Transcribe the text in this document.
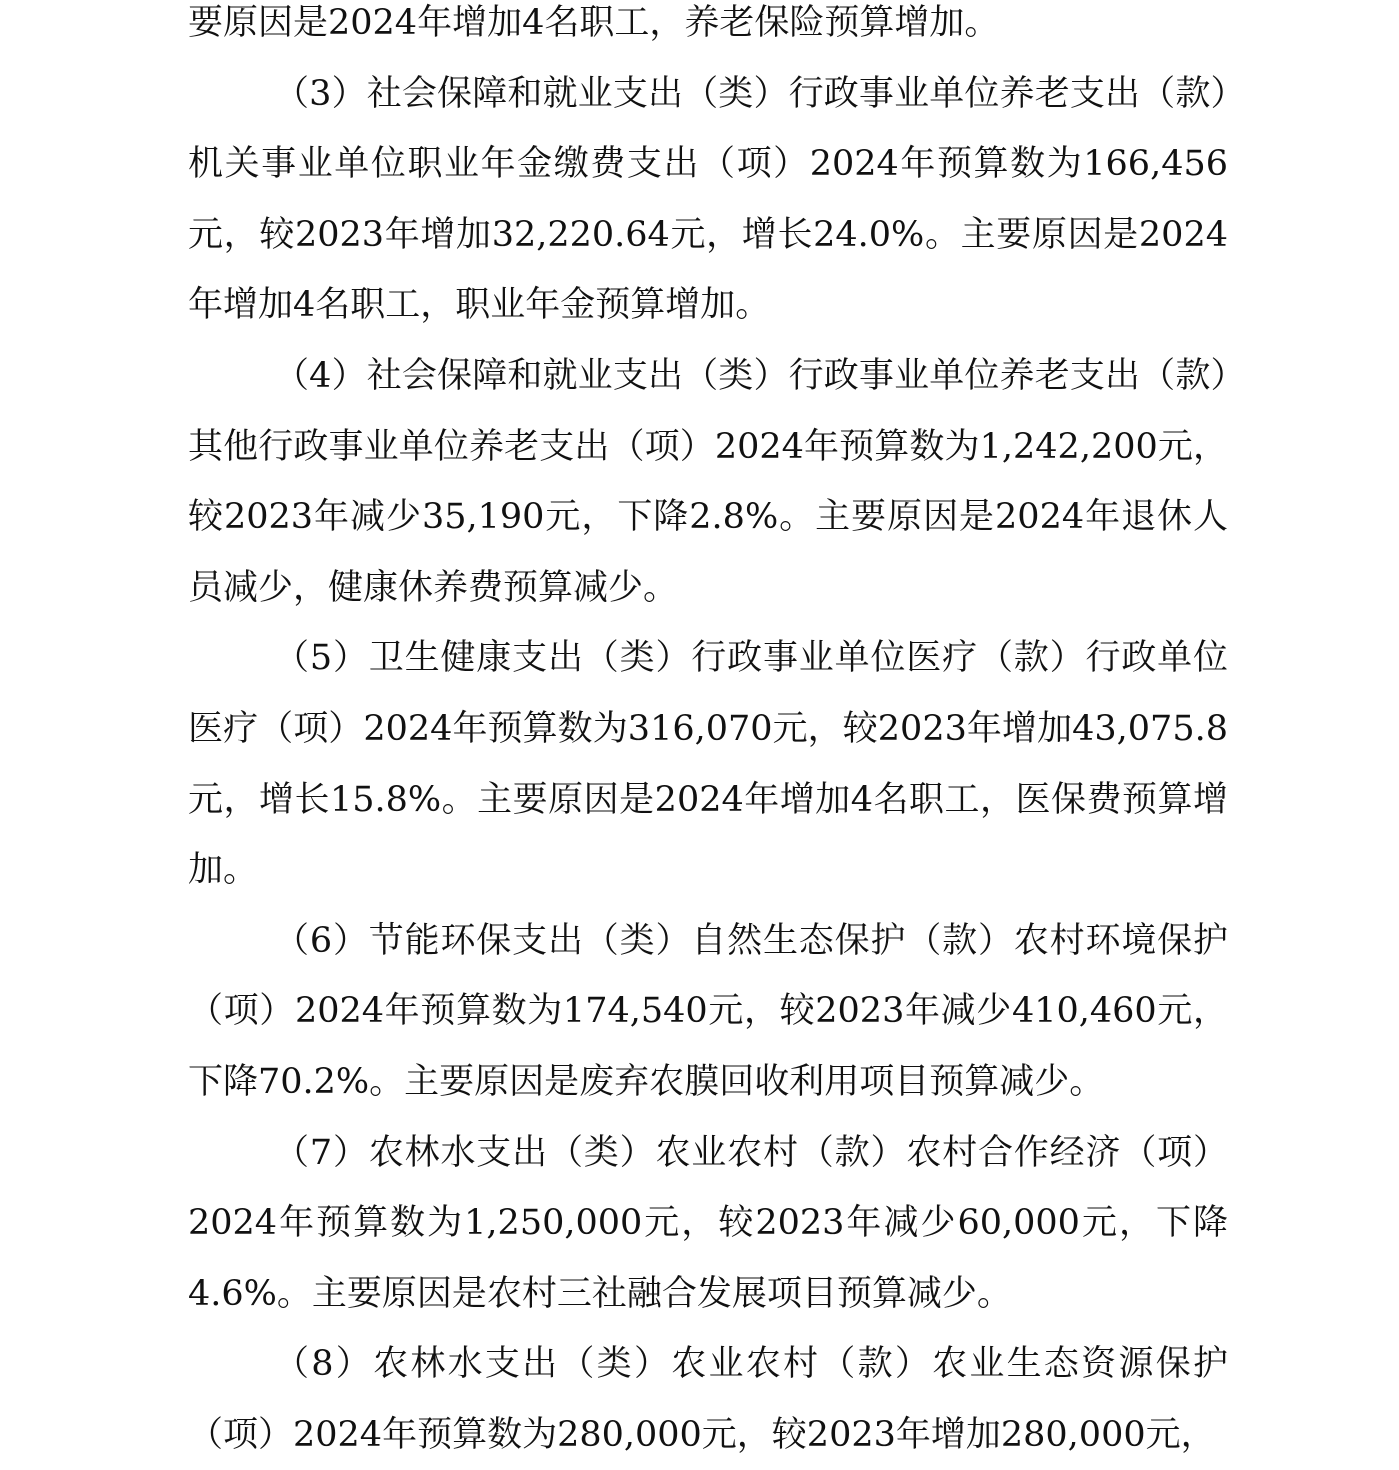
要原因是2024年增加4名职工，养老保险预算增加。

（3）社会保障和就业支出（类）行政事业单位养老支出（款）机关事业单位职业年金缴费支出（项）2024年预算数为166,456元，较2023年增加32,220.64元，增长24.0%。主要原因是2024年增加4名职工，职业年金预算增加。

（4）社会保障和就业支出（类）行政事业单位养老支出（款）其他行政事业单位养老支出（项）2024年预算数为1,242,200元，较2023年减少35,190元，下降2.8%。主要原因是2024年退休人员减少，健康休养费预算减少。

（5）卫生健康支出（类）行政事业单位医疗（款）行政单位医疗（项）2024年预算数为316,070元，较2023年增加43,075.8元，增长15.8%。主要原因是2024年增加4名职工，医保费预算增加。

（6）节能环保支出（类）自然生态保护（款）农村环境保护（项）2024年预算数为174,540元，较2023年减少410,460元，下降70.2%。主要原因是废弃农膜回收利用项目预算减少。

（7）农林水支出（类）农业农村（款）农村合作经济（项）2024年预算数为1,250,000元，较2023年减少60,000元，下降4.6%。主要原因是农村三社融合发展项目预算减少。

（8）农林水支出（类）农业农村（款）农业生态资源保护（项）2024年预算数为280,000元，较2023年增加280,000元，
